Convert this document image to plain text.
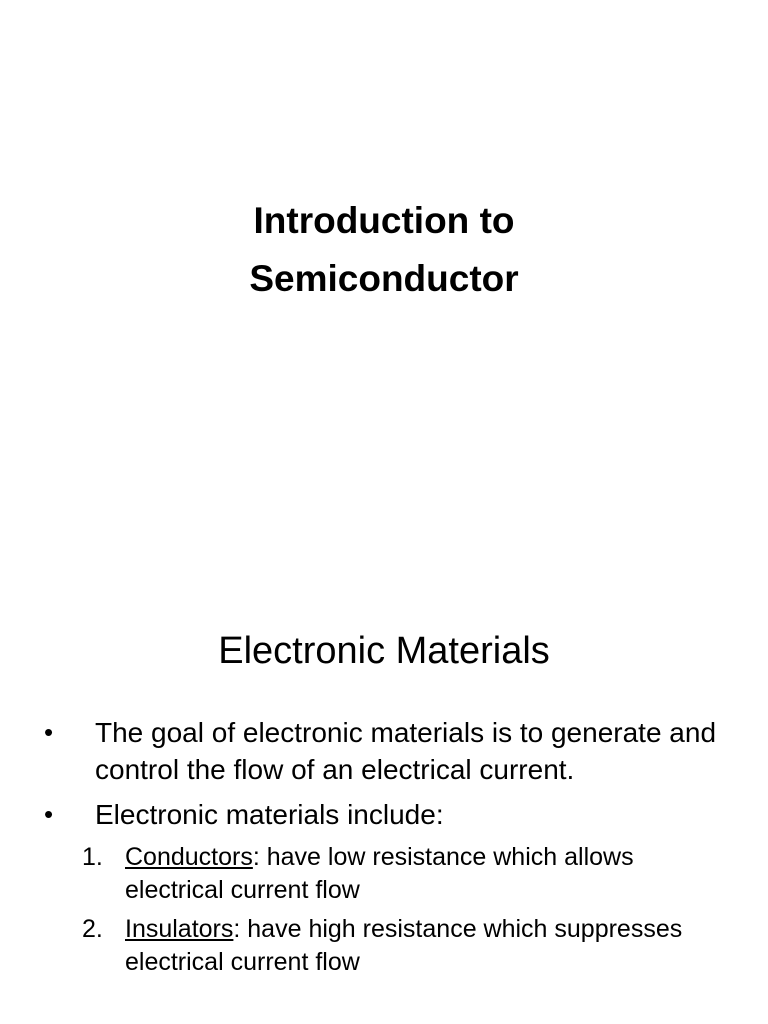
Introduction to
Semiconductor
Electronic Materials
• The goal of electronic materials is to generate and control the flow of an electrical current.
• Electronic materials include:
1. Conductors: have low resistance which allows electrical current flow
2. Insulators: have high resistance which suppresses electrical current flow
